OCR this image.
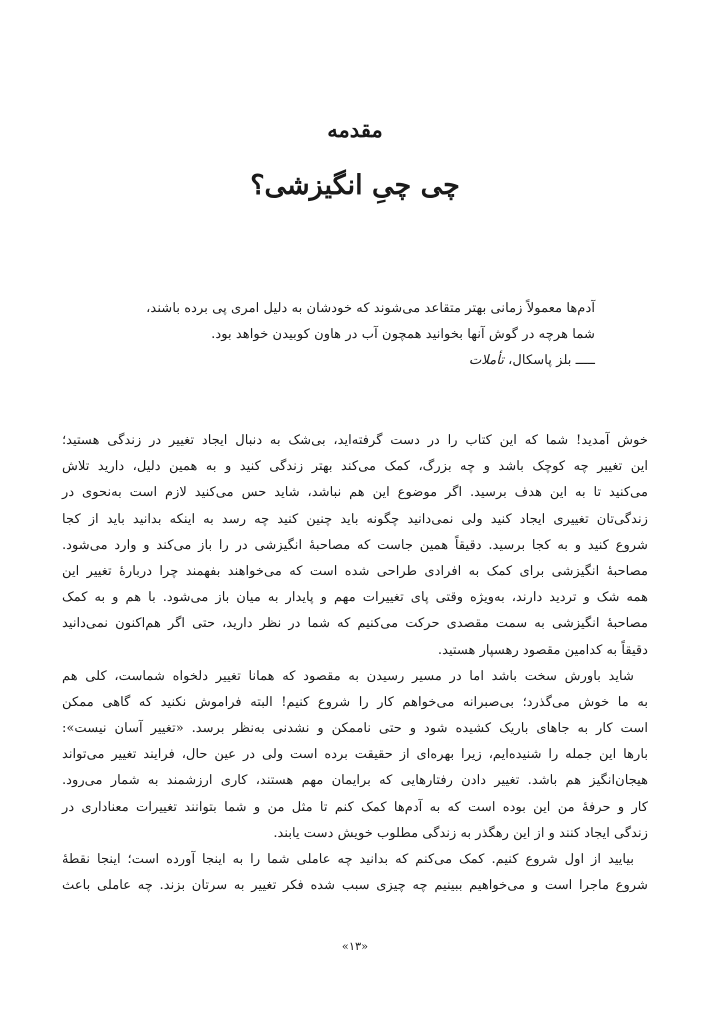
مقدمه
چی چیِ انگیزشی؟
آدم‌ها معمولاً زمانی بهتر متقاعد می‌شوند که خودشان به دلیل امری پی برده باشند،
شما هرچه در گوش آنها بخوانید همچون آب در هاون کوبیدن خواهد بود.
ـــــ بلز پاسکال، تأملات
خوش آمدید! شما که این کتاب را در دست گرفته‌اید، بی‌شک به دنبال ایجاد تغییر در زندگی هستید؛
این تغییر چه کوچک باشد و چه بزرگ، کمک می‌کند بهتر زندگی کنید و به همین دلیل، دارید تلاش
می‌کنید تا به این هدف برسید. اگر موضوع این هم نباشد، شاید حس می‌کنید لازم است به‌نحوی در
زندگی‌تان تغییری ایجاد کنید ولی نمی‌دانید چگونه باید چنین کنید چه رسد به اینکه بدانید باید از کجا
شروع کنید و به کجا برسید. دقیقاً همین جاست که مصاحبهٔ انگیزشی در را باز می‌کند و وارد می‌شود.
مصاحبهٔ انگیزشی برای کمک به افرادی طراحی شده است که می‌خواهند بفهمند چرا دربارهٔ تغییر این
همه شک و تردید دارند، به‌ویژه وقتی پای تغییرات مهم و پایدار به میان باز می‌شود. با هم و به کمک
مصاحبهٔ انگیزشی به سمت مقصدی حرکت می‌کنیم که شما در نظر دارید، حتی اگر هم‌اکنون نمی‌دانید
دقیقاً به کدامین مقصود رهسپار هستید.
شاید باورش سخت باشد اما در مسیر رسیدن به مقصود که همانا تغییر دلخواه شماست، کلی هم
به ما خوش می‌گذرد؛ بی‌صبرانه می‌خواهم کار را شروع کنیم! البته فراموش نکنید که گاهی ممکن
است کار به جاهای باریک کشیده شود و حتی ناممکن و نشدنی به‌نظر برسد. «تغییر آسان نیست»:
بارها این جمله را شنیده‌ایم، زیرا بهره‌ای از حقیقت برده است ولی در عین حال، فرایند تغییر می‌تواند
هیجان‌انگیز هم باشد. تغییر دادن رفتارهایی که برایمان مهم هستند، کاری ارزشمند به شمار می‌رود.
کار و حرفهٔ من این بوده است که به آدم‌ها کمک کنم تا مثل من و شما بتوانند تغییرات معناداری در
زندگی ایجاد کنند و از این رهگذر به زندگی مطلوب خویش دست یابند.
بیایید از اول شروع کنیم. کمک می‌کنم که بدانید چه عاملی شما را به اینجا آورده است؛ اینجا نقطهٔ
شروع ماجرا است و می‌خواهیم ببینیم چه چیزی سبب شده فکر تغییر به سرتان بزند. چه عاملی باعث
«۱۳»
